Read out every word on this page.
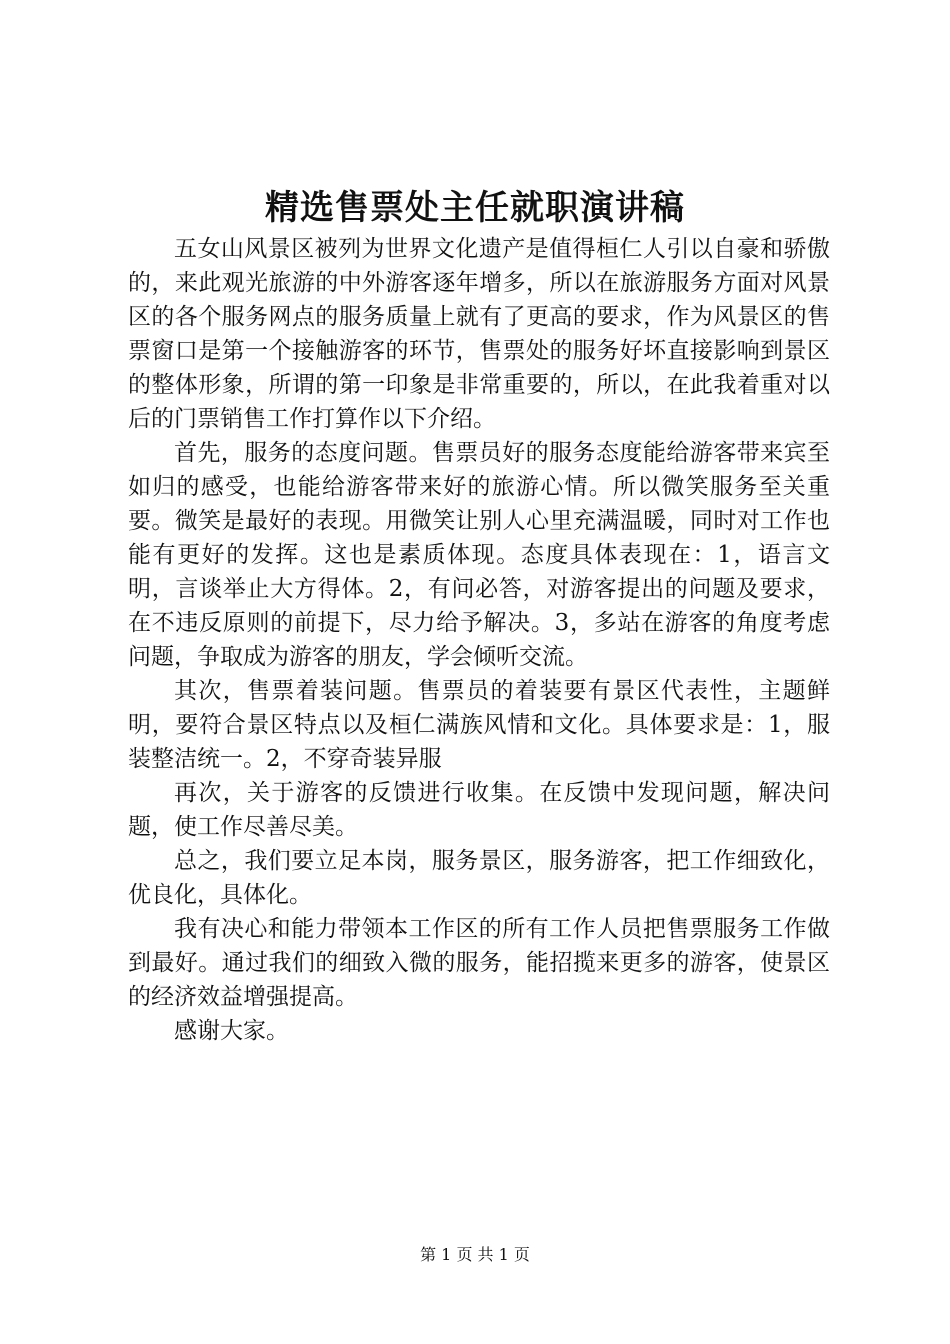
精选售票处主任就职演讲稿

五女山风景区被列为世界文化遗产是值得桓仁人引以自豪和骄傲的，来此观光旅游的中外游客逐年增多，所以在旅游服务方面对风景区的各个服务网点的服务质量上就有了更高的要求，作为风景区的售票窗口是第一个接触游客的环节，售票处的服务好坏直接影响到景区的整体形象，所谓的第一印象是非常重要的，所以，在此我着重对以后的门票销售工作打算作以下介绍。

首先，服务的态度问题。售票员好的服务态度能给游客带来宾至如归的感受，也能给游客带来好的旅游心情。所以微笑服务至关重要。微笑是最好的表现。用微笑让别人心里充满温暖，同时对工作也能有更好的发挥。这也是素质体现。态度具体表现在：1，语言文明，言谈举止大方得体。2，有问必答，对游客提出的问题及要求，在不违反原则的前提下，尽力给予解决。3，多站在游客的角度考虑问题，争取成为游客的朋友，学会倾听交流。

其次，售票着装问题。售票员的着装要有景区代表性，主题鲜明，要符合景区特点以及桓仁满族风情和文化。具体要求是：1，服装整洁统一。2，不穿奇装异服

再次，关于游客的反馈进行收集。在反馈中发现问题，解决问题，使工作尽善尽美。

总之，我们要立足本岗，服务景区，服务游客，把工作细致化，优良化，具体化。

我有决心和能力带领本工作区的所有工作人员把售票服务工作做到最好。通过我们的细致入微的服务，能招揽来更多的游客，使景区的经济效益增强提高。

感谢大家。

第 1 页 共 1 页
